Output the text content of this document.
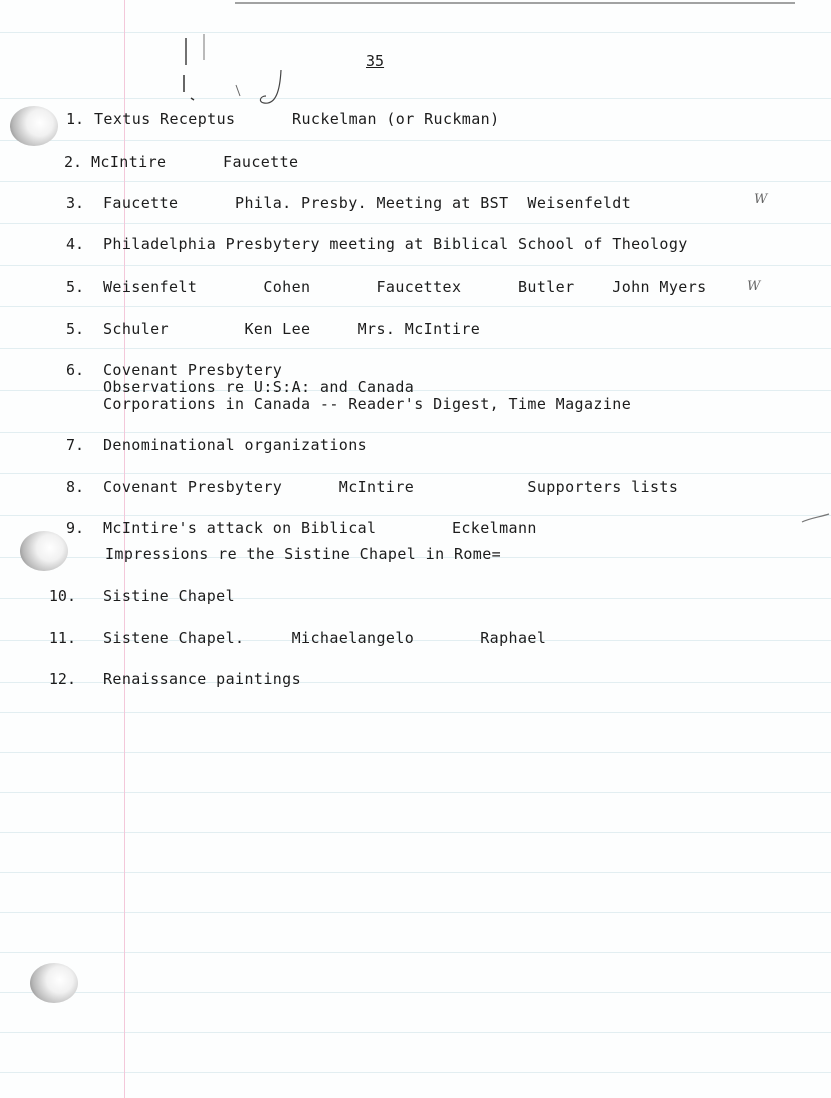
35
1. Textus Receptus      Ruckelman (or Ruckman)
2. McIntire      Faucette
3. Faucette      Phila. Presby. Meeting at BST  Weisenfeldt	W
4. Philadelphia Presbytery meeting at Biblical School of Theology
5. Weisenfelt       Cohen       Faucettex      Butler    John Myers	W
5. Schuler        Ken Lee     Mrs. McIntire
6. Covenant Presbytery
Observations re U:S:A: and Canada
Corporations in Canada -- Reader's Digest, Time Magazine
7. Denominational organizations
8. Covenant Presbytery      McIntire            Supporters lists
9. McIntire's attack on Biblical        Eckelmann
Impressions re the Sistine Chapel in Rome=
10. Sistine Chapel
11. Sistene Chapel.     Michaelangelo       Raphael
12. Renaissance paintings
